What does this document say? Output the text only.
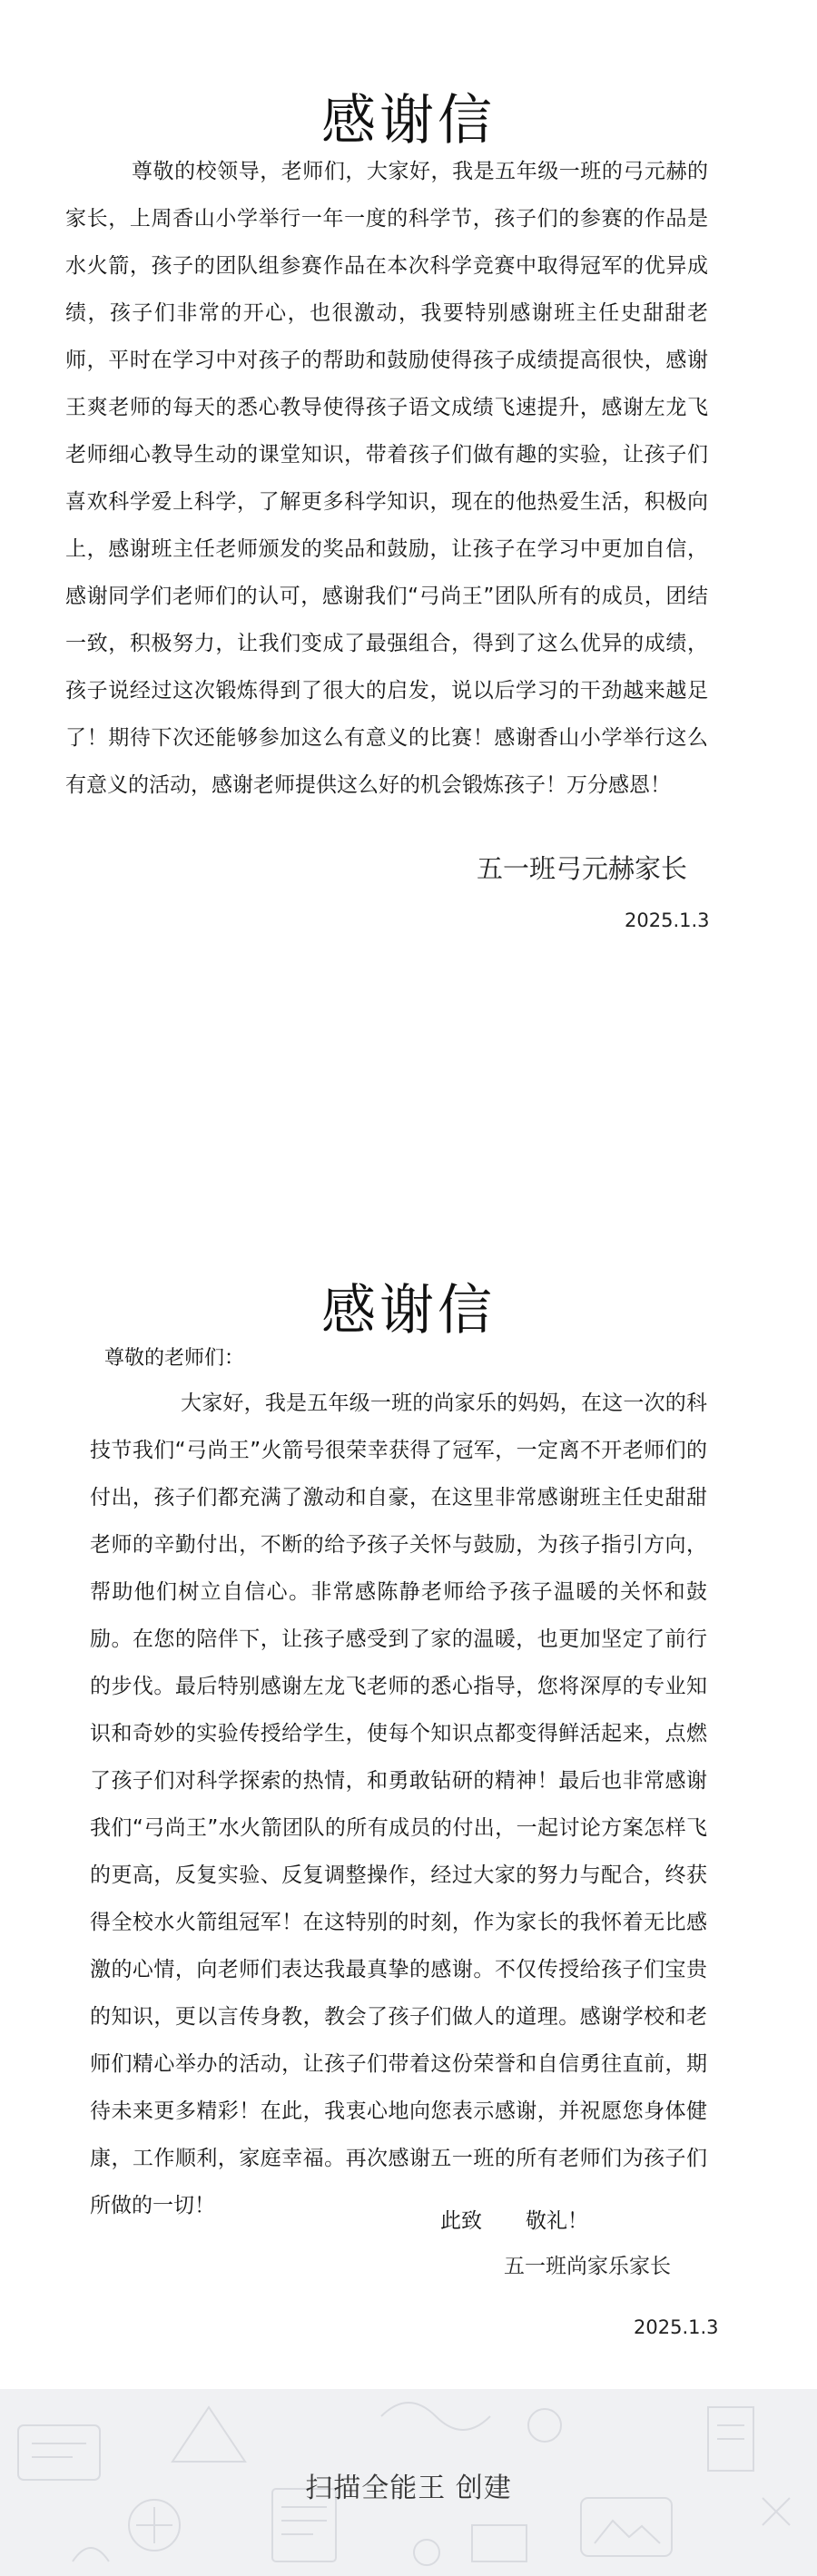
感谢信

尊敬的校领导，老师们，大家好，我是五年级一班的弓元赫的家长，上周香山小学举行一年一度的科学节，孩子们的参赛的作品是水火箭，孩子的团队组参赛作品在本次科学竞赛中取得冠军的优异成绩，孩子们非常的开心，也很激动，我要特别感谢班主任史甜甜老师，平时在学习中对孩子的帮助和鼓励使得孩子成绩提高很快，感谢王爽老师的每天的悉心教导使得孩子语文成绩飞速提升，感谢左龙飞老师细心教导生动的课堂知识，带着孩子们做有趣的实验，让孩子们喜欢科学爱上科学，了解更多科学知识，现在的他热爱生活，积极向上，感谢班主任老师颁发的奖品和鼓励，让孩子在学习中更加自信，感谢同学们老师们的认可，感谢我们“弓尚王”团队所有的成员，团结一致，积极努力，让我们变成了最强组合，得到了这么优异的成绩，孩子说经过这次锻炼得到了很大的启发，说以后学习的干劲越来越足了！期待下次还能够参加这么有意义的比赛！感谢香山小学举行这么有意义的活动，感谢老师提供这么好的机会锻炼孩子！万分感恩！

五一班弓元赫家长

2025.1.3

感谢信

尊敬的老师们：

大家好，我是五年级一班的尚家乐的妈妈，在这一次的科技节我们“弓尚王”火箭号很荣幸获得了冠军，一定离不开老师们的付出，孩子们都充满了激动和自豪，在这里非常感谢班主任史甜甜老师的辛勤付出，不断的给予孩子关怀与鼓励，为孩子指引方向，帮助他们树立自信心。非常感陈静老师给予孩子温暖的关怀和鼓励。在您的陪伴下，让孩子感受到了家的温暖，也更加坚定了前行的步伐。最后特别感谢左龙飞老师的悉心指导，您将深厚的专业知识和奇妙的实验传授给学生，使每个知识点都变得鲜活起来，点燃了孩子们对科学探索的热情，和勇敢钻研的精神！最后也非常感谢我们“弓尚王”水火箭团队的所有成员的付出，一起讨论方案怎样飞的更高，反复实验、反复调整操作，经过大家的努力与配合，终获得全校水火箭组冠军！在这特别的时刻，作为家长的我怀着无比感激的心情，向老师们表达我最真挚的感谢。不仅传授给孩子们宝贵的知识，更以言传身教，教会了孩子们做人的道理。感谢学校和老师们精心举办的活动，让孩子们带着这份荣誉和自信勇往直前，期待未来更多精彩！在此，我衷心地向您表示感谢，并祝愿您身体健康，工作顺利，家庭幸福。再次感谢五一班的所有老师们为孩子们所做的一切！

此致 敬礼！

五一班尚家乐家长

2025.1.3

扫描全能王 创建
